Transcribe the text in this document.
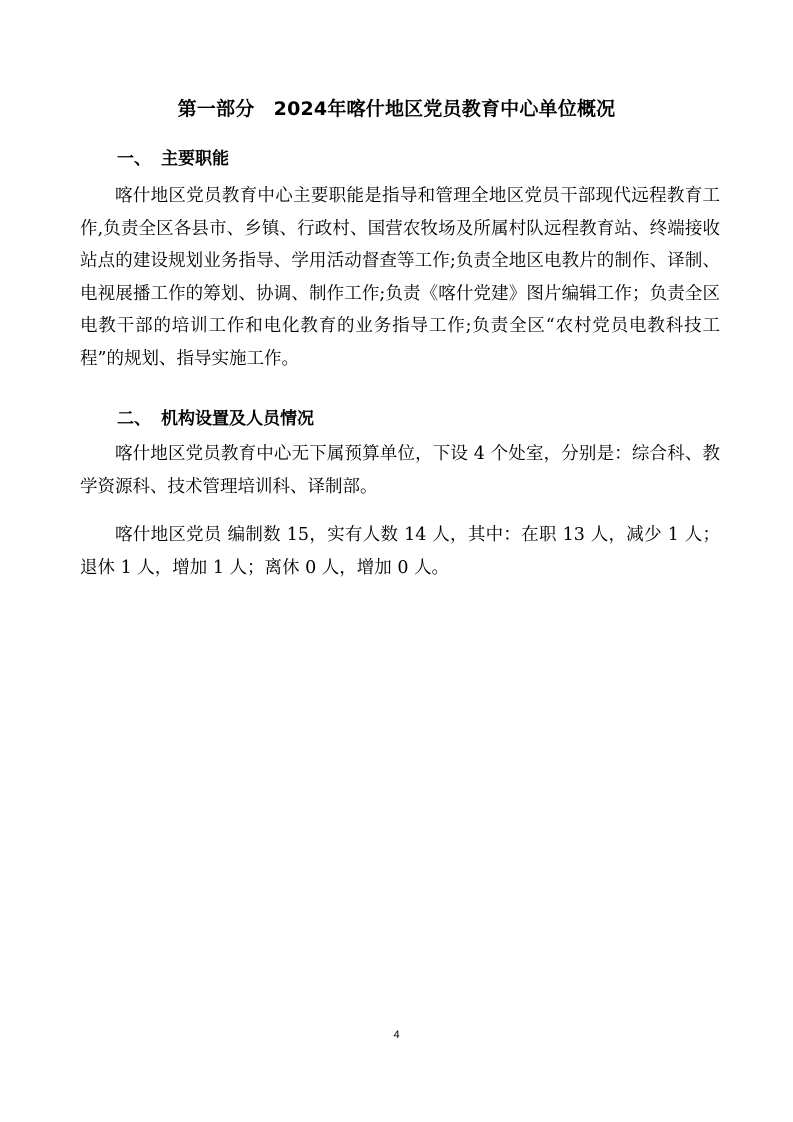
第一部分　2024年喀什地区党员教育中心单位概况
一、 主要职能

喀什地区党员教育中心主要职能是指导和管理全地区党员干部现代远程教育工作,负责全区各县市、乡镇、行政村、国营农牧场及所属村队远程教育站、终端接收站点的建设规划业务指导、学用活动督查等工作;负责全地区电教片的制作、译制、电视展播工作的筹划、协调、制作工作;负责《喀什党建》图片编辑工作；负责全区电教干部的培训工作和电化教育的业务指导工作;负责全区“农村党员电教科技工程”的规划、指导实施工作。

二、 机构设置及人员情况

喀什地区党员教育中心无下属预算单位，下设 4 个处室，分别是：综合科、教学资源科、技术管理培训科、译制部。

喀什地区党员 编制数 15，实有人数 14 人，其中：在职 13 人，减少 1 人；退休 1 人，增加 1 人；离休 0 人，增加 0 人。

4
